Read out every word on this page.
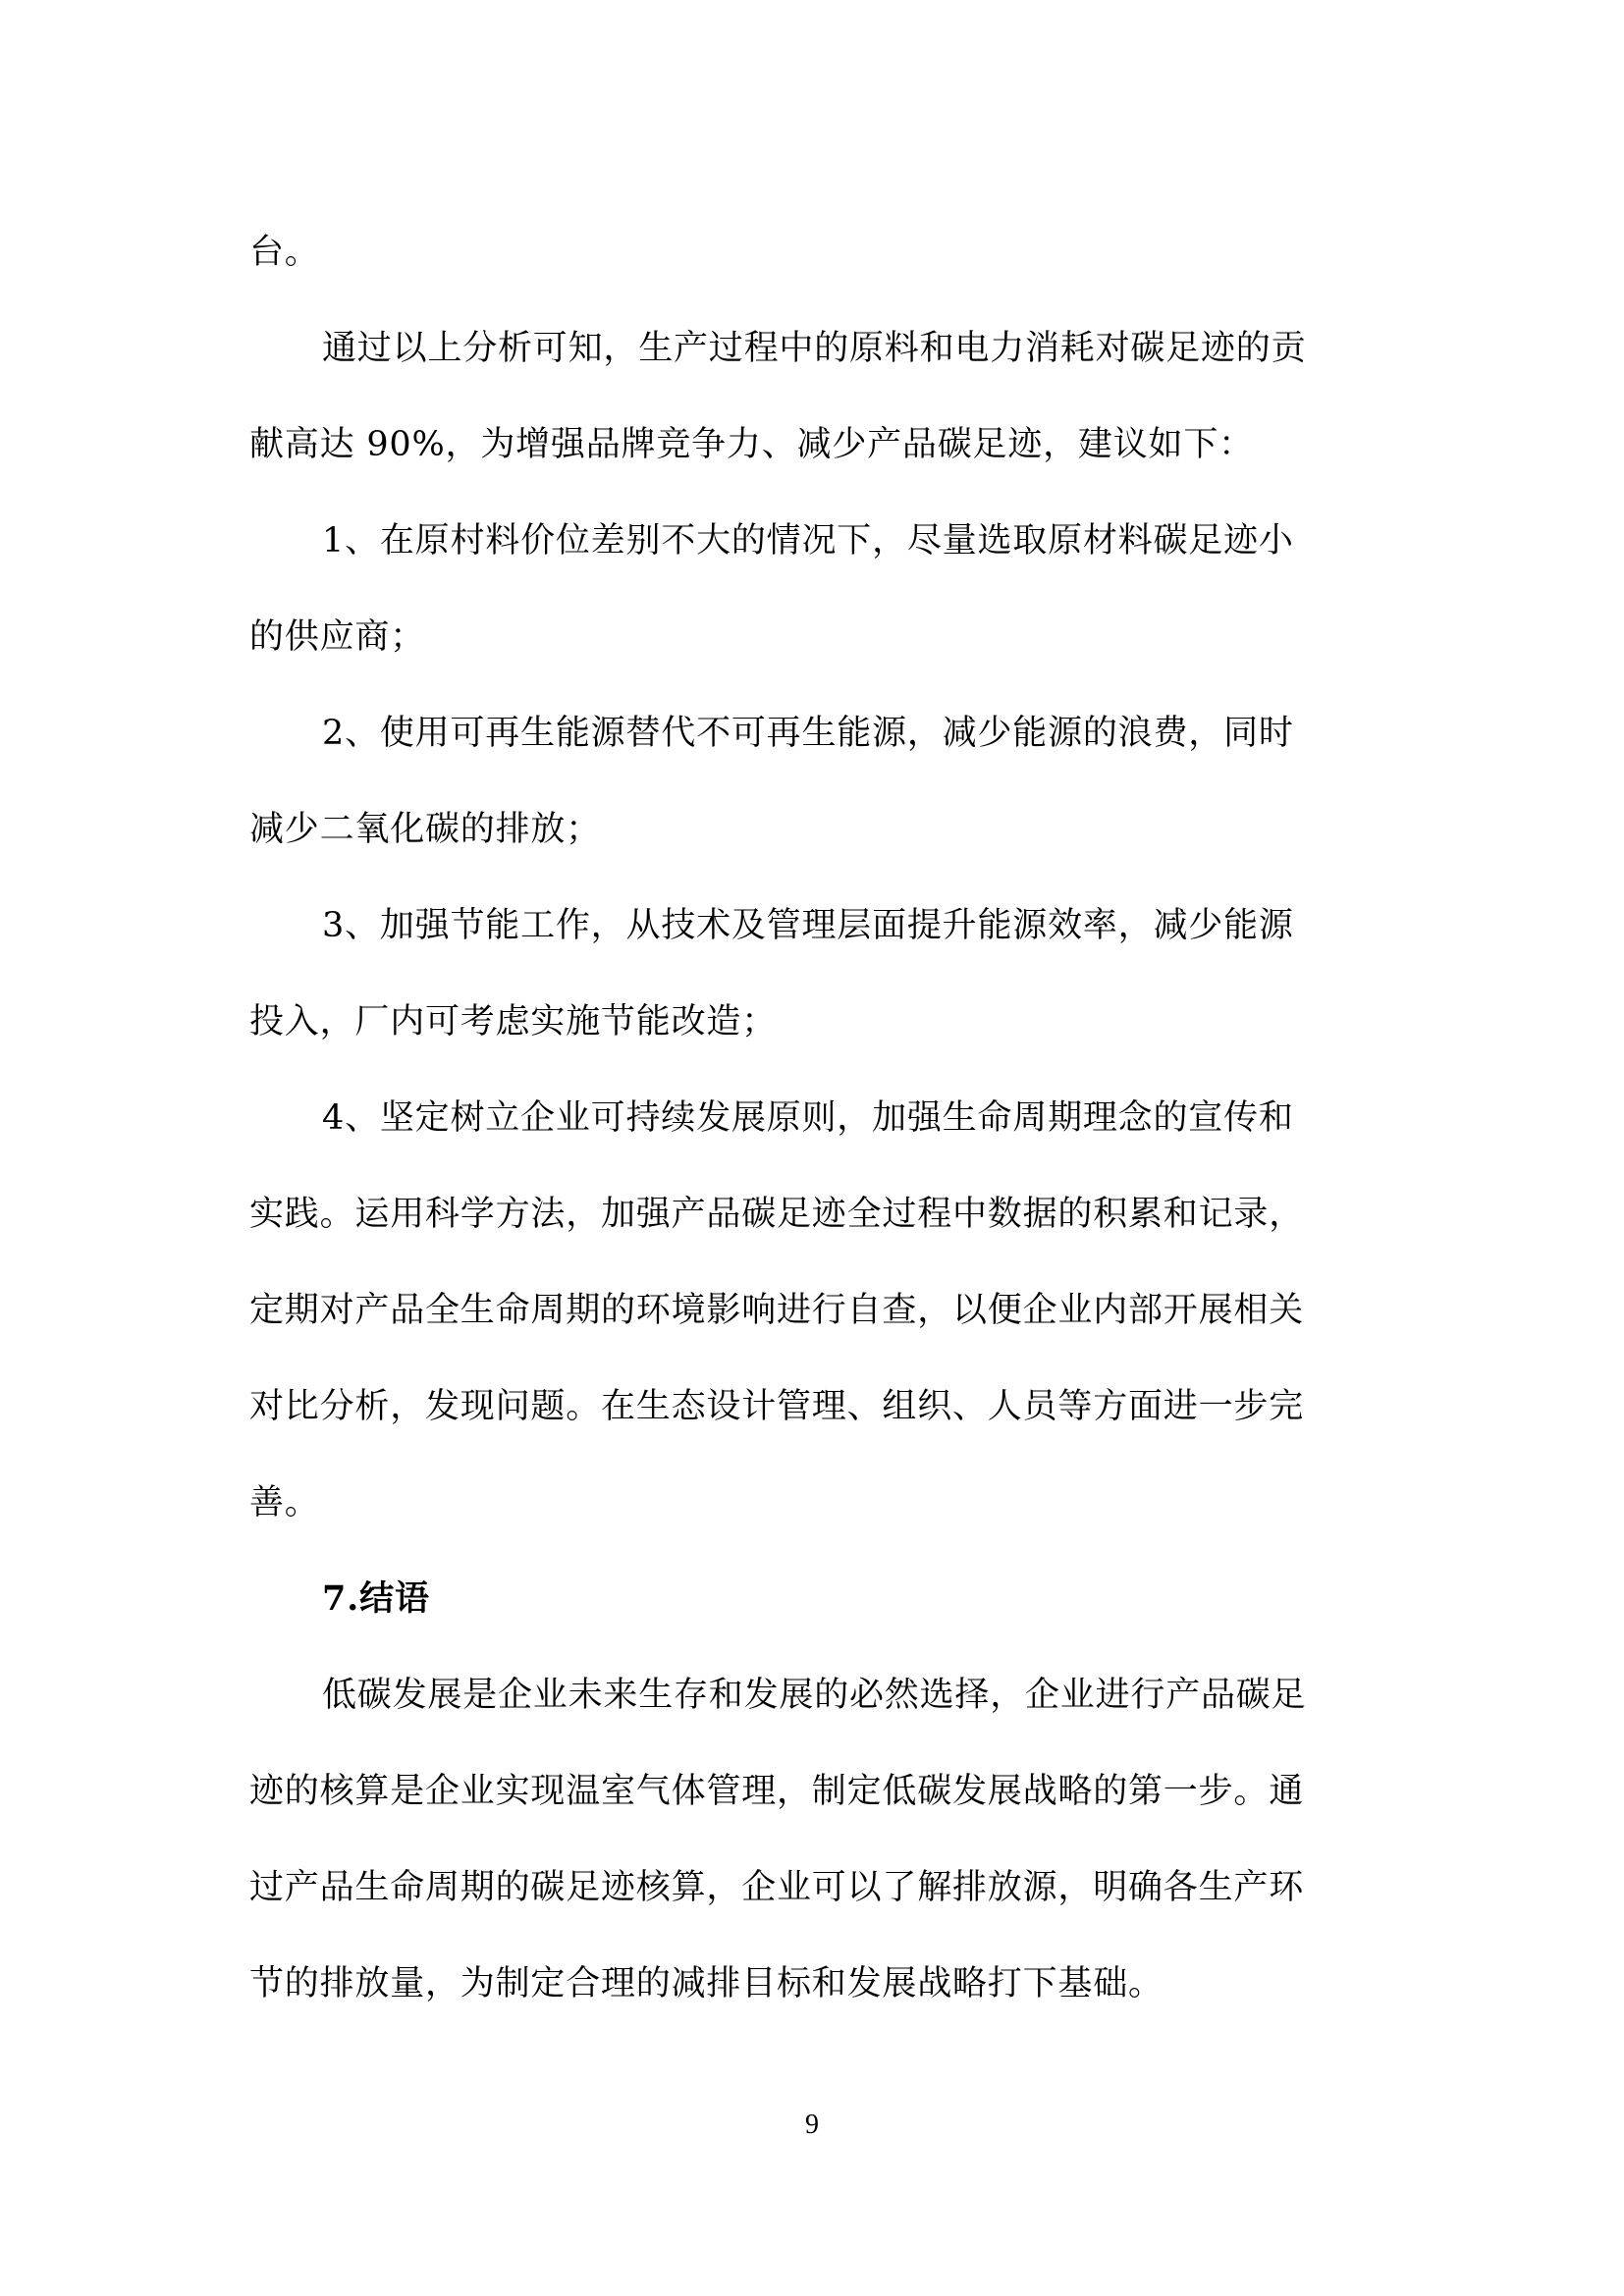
台。
通过以上分析可知，生产过程中的原料和电力消耗对碳足迹的贡
献高达 90%，为增强品牌竞争力、减少产品碳足迹，建议如下：
1、在原村料价位差别不大的情况下，尽量选取原材料碳足迹小
的供应商；
2、使用可再生能源替代不可再生能源，减少能源的浪费，同时
减少二氧化碳的排放；
3、加强节能工作，从技术及管理层面提升能源效率，减少能源
投入，厂内可考虑实施节能改造；
4、坚定树立企业可持续发展原则，加强生命周期理念的宣传和
实践。运用科学方法，加强产品碳足迹全过程中数据的积累和记录，
定期对产品全生命周期的环境影响进行自查，以便企业内部开展相关
对比分析，发现问题。在生态设计管理、组织、人员等方面进一步完
善。
7.结语
低碳发展是企业未来生存和发展的必然选择，企业进行产品碳足
迹的核算是企业实现温室气体管理，制定低碳发展战略的第一步。通
过产品生命周期的碳足迹核算，企业可以了解排放源，明确各生产环
节的排放量，为制定合理的减排目标和发展战略打下基础。
9
